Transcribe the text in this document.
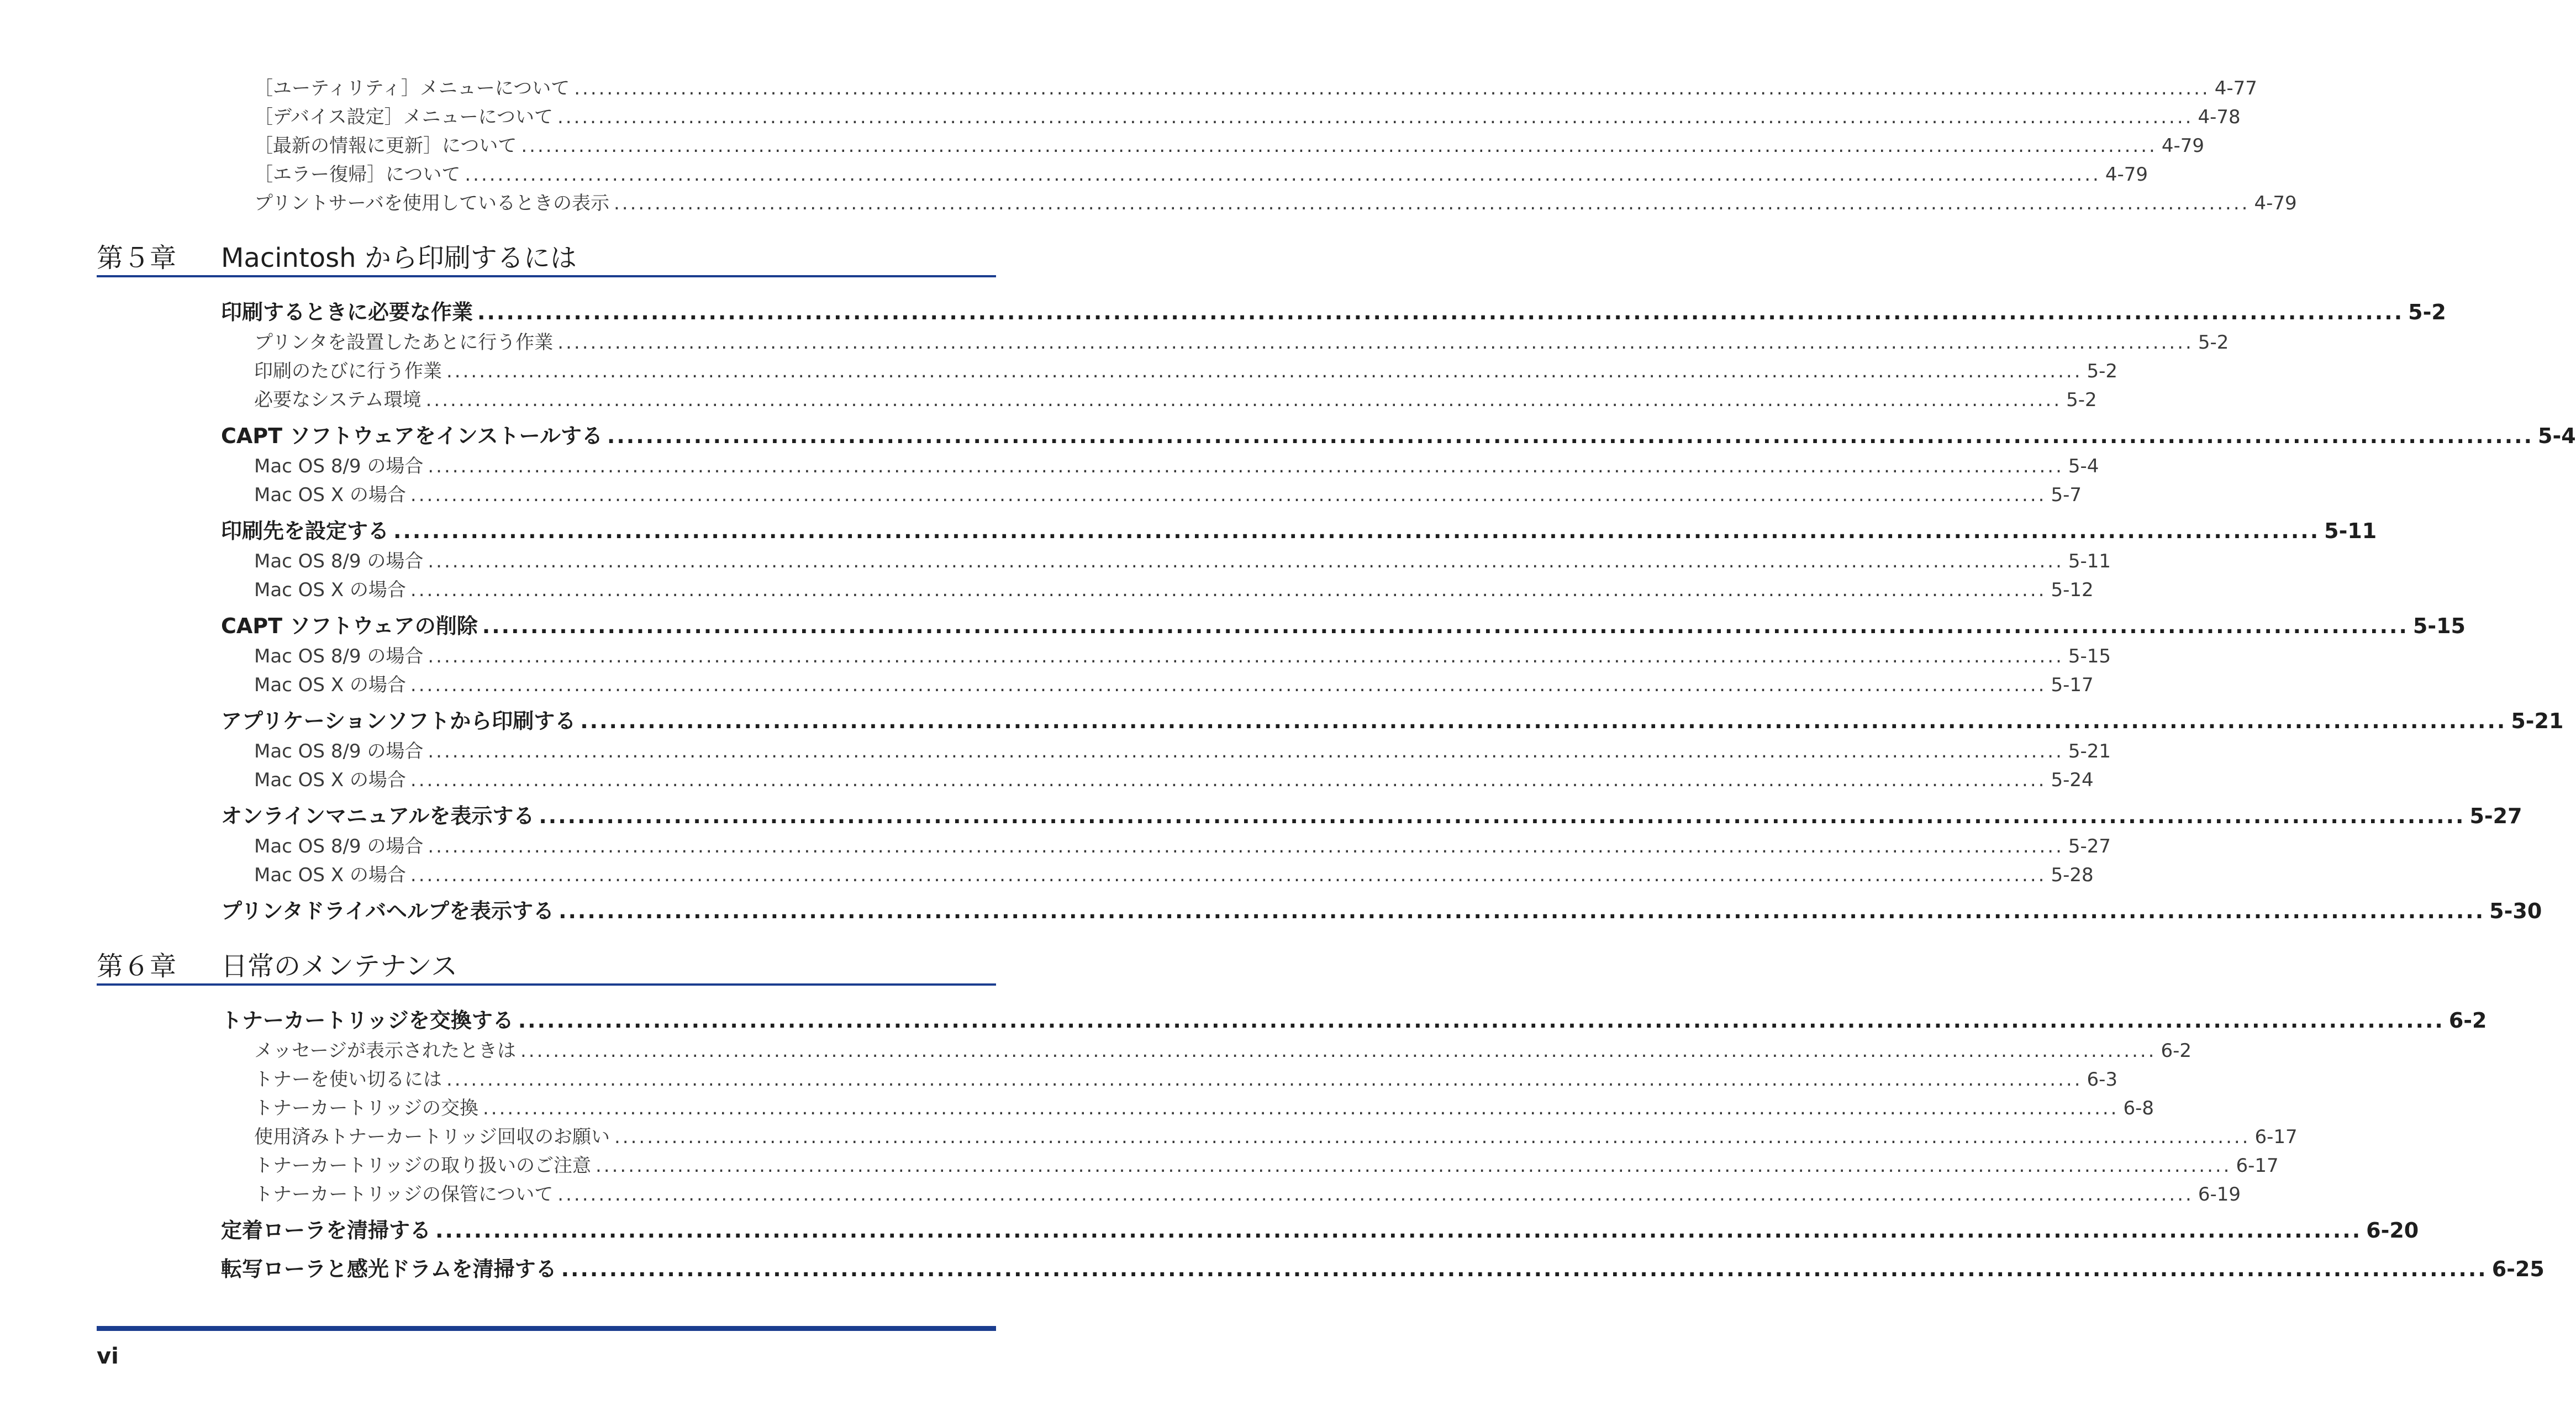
［ユーティリティ］メニューについて ........................................................................................................................................................................................................ 4-77
［デバイス設定］メニューについて ........................................................................................................................................................................................................ 4-78
［最新の情報に更新］について ........................................................................................................................................................................................................ 4-79
［エラー復帰］について ........................................................................................................................................................................................................ 4-79
プリントサーバを使用しているときの表示 ........................................................................................................................................................................................................ 4-79
第５章 Macintosh から印刷するには
印刷するときに必要な作業 ........................................................................................................................................................................................................ 5-2
プリンタを設置したあとに行う作業 ........................................................................................................................................................................................................ 5-2
印刷のたびに行う作業 ........................................................................................................................................................................................................ 5-2
必要なシステム環境 ........................................................................................................................................................................................................ 5-2
CAPT ソフトウェアをインストールする ........................................................................................................................................................................................................ 5-4
Mac OS 8/9 の場合 ........................................................................................................................................................................................................ 5-4
Mac OS X の場合 ........................................................................................................................................................................................................ 5-7
印刷先を設定する ........................................................................................................................................................................................................ 5-11
Mac OS 8/9 の場合 ........................................................................................................................................................................................................ 5-11
Mac OS X の場合 ........................................................................................................................................................................................................ 5-12
CAPT ソフトウェアの削除 ........................................................................................................................................................................................................ 5-15
Mac OS 8/9 の場合 ........................................................................................................................................................................................................ 5-15
Mac OS X の場合 ........................................................................................................................................................................................................ 5-17
アプリケーションソフトから印刷する ........................................................................................................................................................................................................ 5-21
Mac OS 8/9 の場合 ........................................................................................................................................................................................................ 5-21
Mac OS X の場合 ........................................................................................................................................................................................................ 5-24
オンラインマニュアルを表示する ........................................................................................................................................................................................................ 5-27
Mac OS 8/9 の場合 ........................................................................................................................................................................................................ 5-27
Mac OS X の場合 ........................................................................................................................................................................................................ 5-28
プリンタドライバヘルプを表示する ........................................................................................................................................................................................................ 5-30
第６章 日常のメンテナンス
トナーカートリッジを交換する ........................................................................................................................................................................................................ 6-2
メッセージが表示されたときは ........................................................................................................................................................................................................ 6-2
トナーを使い切るには ........................................................................................................................................................................................................ 6-3
トナーカートリッジの交換 ........................................................................................................................................................................................................ 6-8
使用済みトナーカートリッジ回収のお願い ........................................................................................................................................................................................................ 6-17
トナーカートリッジの取り扱いのご注意 ........................................................................................................................................................................................................ 6-17
トナーカートリッジの保管について ........................................................................................................................................................................................................ 6-19
定着ローラを清掃する ........................................................................................................................................................................................................ 6-20
転写ローラと感光ドラムを清掃する ........................................................................................................................................................................................................ 6-25
vi
